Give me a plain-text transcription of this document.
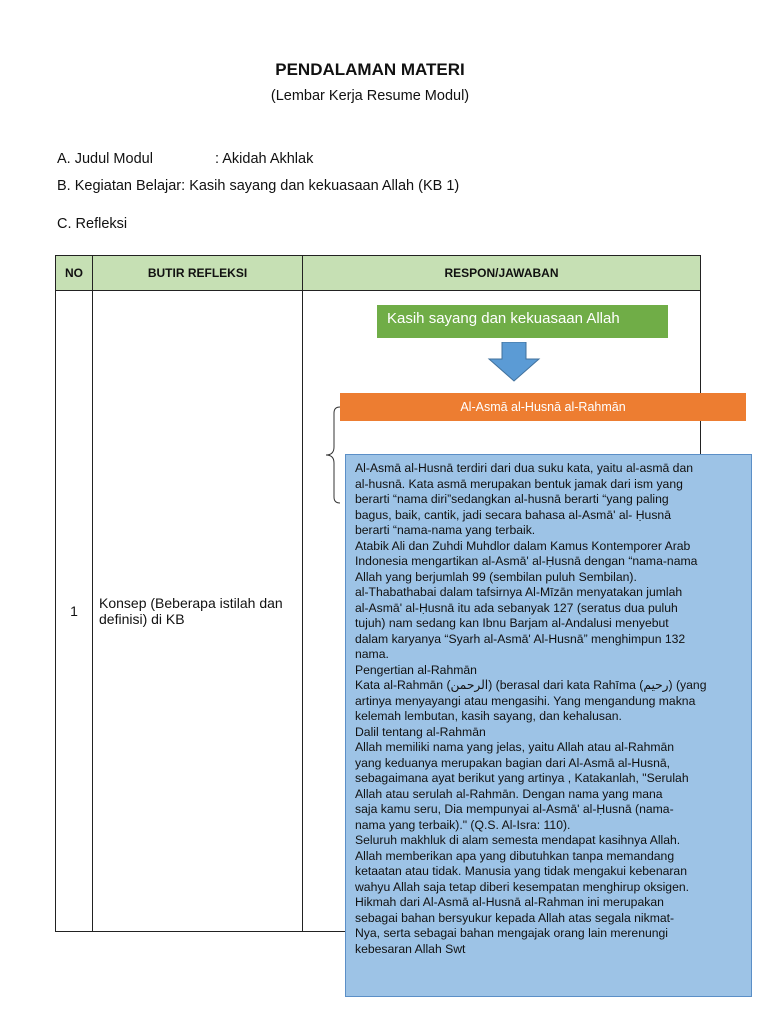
PENDALAMAN MATERI
(Lembar Kerja Resume Modul)
A. Judul Modul	: Akidah Akhlak
B. Kegiatan Belajar: Kasih sayang dan kekuasaan Allah (KB 1)
C. Refleksi
NO	BUTIR REFLEKSI	RESPON/JAWABAN
1	Konsep (Beberapa istilah dan definisi) di KB	
Kasih sayang dan kekuasaan Allah
Al-Asmā al-Husnā al-Rahmān

Al-Asmā al-Husnā terdiri dari dua suku kata, yaitu al-asmā dan

al-husnā. Kata asmā merupakan bentuk jamak dari ism yang

berarti “nama diri”sedangkan al-husnā berarti “yang paling

bagus, baik, cantik, jadi secara bahasa al-Asmā' al- Ḥusnā

berarti “nama-nama yang terbaik.

Atabik Ali dan Zuhdi Muhdlor dalam Kamus Kontemporer Arab

Indonesia mengartikan al-Asmā' al-Ḥusnā dengan “nama-nama

Allah yang berjumlah 99 (sembilan puluh Sembilan).

al-Thabathabai dalam tafsirnya Al-Mīzān menyatakan jumlah

al-Asmā' al-Ḥusnā itu ada sebanyak 127 (seratus dua puluh

tujuh) nam sedang kan Ibnu Barjam al-Andalusi menyebut

dalam karyanya “Syarh al-Asmā' Al-Husnā” menghimpun 132

nama.

Pengertian al-Rahmān

Kata al-Rahmān (الرحمن) (berasal dari kata Rahīma (رحيم) (yang

artinya menyayangi atau mengasihi. Yang mengandung makna

kelemah lembutan, kasih sayang, dan kehalusan.

Dalil tentang al-Rahmān

Allah memiliki nama yang jelas, yaitu Allah atau al-Rahmān

yang keduanya merupakan bagian dari Al-Asmā al-Husnā,

sebagaimana ayat berikut yang artinya , Katakanlah, "Serulah

Allah atau serulah al-Rahmān. Dengan nama yang mana

saja kamu seru, Dia mempunyai al-Asmā' al-Ḥusnā (nama-

nama yang terbaik)." (Q.S. Al-Isra: 110).

Seluruh makhluk di alam semesta mendapat kasihnya Allah.

Allah memberikan apa yang dibutuhkan tanpa memandang

ketaatan atau tidak. Manusia yang tidak mengakui kebenaran

wahyu Allah saja tetap diberi kesempatan menghirup oksigen.

Hikmah dari Al-Asmā al-Husnā al-Rahman ini merupakan

sebagai bahan bersyukur kepada Allah atas segala nikmat-

Nya, serta sebagai bahan mengajak orang lain merenungi

kebesaran Allah Swt
